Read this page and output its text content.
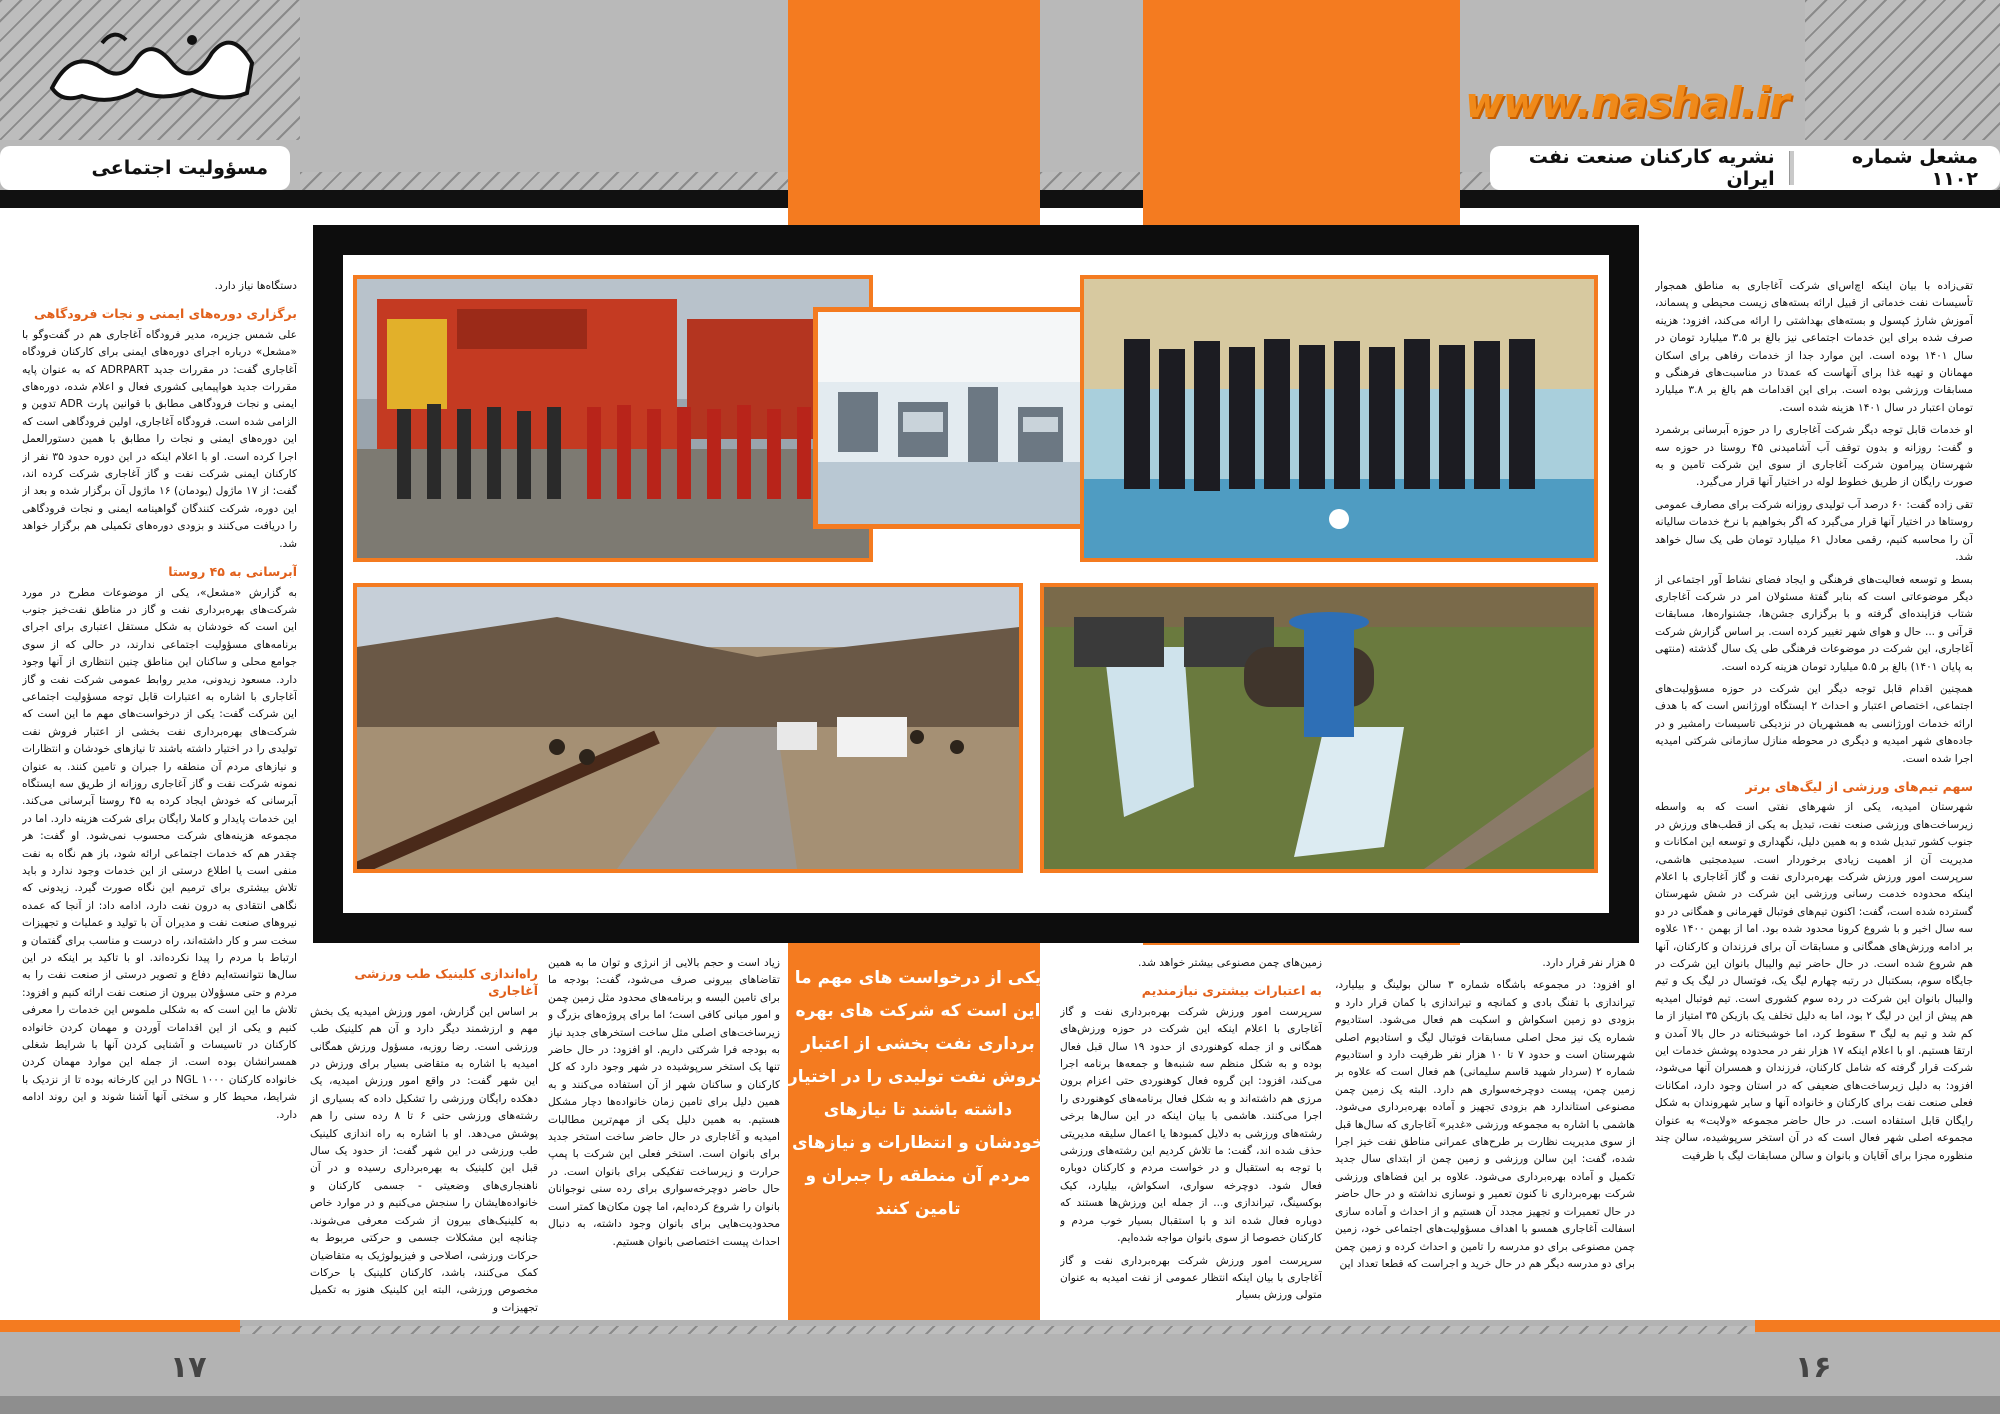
www.nashal.ir
مسؤولیت اجتماعی	مشعل شماره ۱۱۰۲
نشریه کارکنان صنعت نفت ایران

تقی‌زاده با بیان اینکه اچ‌اس‌ای شرکت آغاجاری به مناطق همجوار تأسیسات نفت خدماتی از قبیل ارائه بسته‌های زیست محیطی و پسماند، آموزش شارژ کپسول و بسته‌های بهداشتی را ارائه می‌کند، افزود: هزینه صرف شده برای این خدمات اجتماعی نیز بالغ بر ۳.۵ میلیارد تومان در سال ۱۴۰۱ بوده است. این موارد جدا از خدمات رفاهی برای اسکان مهمانان و تهیه غذا برای آنهاست که عمدتا در مناسبت‌های فرهنگی و مسابقات ورزشی بوده است. برای این اقدامات هم بالغ بر ۳.۸ میلیارد تومان اعتبار در سال ۱۴۰۱ هزینه شده است.

او خدمات قابل توجه دیگر شرکت آغاجاری را در حوزه آبرسانی برشمرد و گفت: روزانه و بدون توقف آب آشامیدنی ۴۵ روستا در حوزه سه شهرستان پیرامون شرکت آغاجاری از سوی این شرکت تامین و به صورت رایگان از طریق خطوط لوله در اختیار آنها قرار می‌گیرد.

تقی زاده گفت: ۶۰ درصد آب تولیدی روزانه شرکت برای مصارف عمومی روستاها در اختیار آنها قرار می‌گیرد که اگر بخواهیم با نرخ خدمات سالیانه آن را محاسبه کنیم، رقمی معادل ۶۱ میلیارد تومان طی یک سال خواهد شد.

بسط و توسعه فعالیت‌های فرهنگی و ایجاد فضای نشاط آور اجتماعی از دیگر موضوعاتی است که بنا‌بر گفتهٔ مسئولان امر در شرکت آغاجاری شتاب فزاینده‌ای گرفته و با برگزاری جشن‌ها، جشنواره‌ها، مسابقات قرآنی و ... حال و هوای شهر تغییر کرده است. بر اساس گزارش شرکت آغاجاری، این شرکت در موضوعات فرهنگی طی یک سال گذشته (منتهی به پایان ۱۴۰۱) بالغ بر ۵.۵ میلیارد تومان هزینه کرده است.

همچنین اقدام قابل توجه دیگر این شرکت در حوزه مسؤولیت‌های اجتماعی، اختصاص اعتبار و احداث ۲ ایستگاه اورژانس است که با هدف ارائه خدمات اورژانسی به همشهریان در نزدیکی تاسیسات رامشیر و در جاده‌های شهر امیدیه و دیگری در محوطه منازل سازمانی شرکتی امیدیه اجرا شده است.

سهم تیم‌های ورزشی از لیگ‌های برتر

شهرستان امیدیه، یکی از شهرهای نفتی است که به واسطه زیرساخت‌های ورزشی صنعت نفت، تبدیل به یکی از قطب‌های ورزش در جنوب کشور تبدیل شده و به همین دلیل، نگهداری و توسعه این امکانات و مدیریت آن از اهمیت زیادی برخوردار است. سیدمجتبی هاشمی، سرپرست امور ورزش شرکت بهره‌برداری نفت و گاز آغاجاری با اعلام اینکه محدوده خدمت رسانی ورزشی این شرکت در شش شهرستان گسترده شده است، گفت: اکنون تیم‌های فوتبال قهرمانی و همگانی در دو سه سال اخیر و با شروع کرونا محدود شده بود. اما از بهمن ۱۴۰۰ علاوه بر ادامه ورزش‌های همگانی و مسابقات آن برای فرزندان و کارکنان، آنها هم شروع شده است. در حال حاضر تیم والیبال بانوان این شرکت در جایگاه سوم، بسکتبال در رتبه چهارم لیگ یک، فوتسال در لیگ یک و تیم والیبال بانوان این شرکت در رده سوم کشوری است. تیم فوتبال امیدیه هم پیش از این در لیگ ۲ بود، اما به دلیل تخلف یک بازیکن ۳۵ امتیاز از ما کم شد و تیم به لیگ ۳ سقوط کرد، اما خوشبختانه در حال بالا آمدن و ارتقا هستیم. او با اعلام اینکه ۱۷ هزار نفر در محدوده پوشش خدمات این شرکت قرار گرفته که شامل کارکنان، فرزندان و همسران آنها می‌شود، افزود: به دلیل زیرساخت‌های ضعیفی که در استان وجود دارد، امکانات فعلی صنعت نفت برای کارکنان و خانواده آنها و سایر شهروندان به شکل رایگان قابل استفاده است. در حال حاضر مجموعه «ولایت» به عنوان مجموعه اصلی شهر فعال است که در آن استخر سرپوشیده، سالن چند منظوره مجزا برای آقایان و بانوان و سالن مسابقات لیگ با ظرفیت

۵ هزار نفر قرار دارد.

او افزود: در مجموعه باشگاه شماره ۳ سالن بولینگ و بیلیارد، تیراندازی با تفنگ بادی و کمانچه و تیراندازی با کمان قرار دارد و بزودی دو زمین اسکواش و اسکیت هم فعال می‌شود. استادیوم شماره یک نیز محل اصلی مسابقات فوتبال لیگ و استادیوم اصلی شهرستان است و حدود ۷ تا ۱۰ هزار نفر ظرفیت دارد و استادیوم شماره ۲ (سردار شهید قاسم سلیمانی) هم فعال است که علاوه بر زمین چمن، پیست دوچرخه‌سواری هم دارد. البته یک زمین چمن مصنوعی استاندارد هم بزودی تجهیز و آماده بهره‌برداری می‌شود. هاشمی با اشاره به مجموعه ورزشی «غدیر» آغاجاری که سال‌ها قبل از سوی مدیریت نظارت بر طرح‌های عمرانی مناطق نفت خیز اجرا شده، گفت: این سالن ورزشی و زمین چمن از ابتدای سال جدید تکمیل و آماده بهره‌برداری می‌شود. علاوه بر این فضاهای ورزشی شرکت بهره‌برداری نا کنون تعمیر و نوسازی نداشته و در حال حاضر در حال تعمیرات و تجهیز مجدد آن هستیم و از احداث و آماده سازی اسفالت آغاجاری همسو با اهداف مسؤولیت‌های اجتماعی خود، زمین چمن مصنوعی برای دو مدرسه را تامین و احداث کرده و زمین چمن برای دو مدرسه دیگر هم در حال خرید و اجراست که قطعا تعداد این

زمین‌های چمن مصنوعی بیشتر خواهد شد.

به اعتبارات بیشتری نیازمندیم

سرپرست امور ورزش شرکت بهره‌برداری نفت و گاز آغاجاری با اعلام اینکه این شرکت در حوزه ورزش‌های همگانی و از جمله کوهنوردی از حدود ۱۹ سال قبل فعال بوده و به شکل منظم سه شنبه‌ها و جمعه‌ها برنامه اجرا می‌کند، افزود: این گروه فعال کوهنوردی حتی اعزام برون مرزی هم داشته‌اند و به شکل فعال برنامه‌های کوهنوردی را اجرا می‌کنند. هاشمی با بیان اینکه در این سال‌ها برخی رشته‌های ورزشی به دلایل کمبودها یا اعمال سلیقه مدیریتی حذف شده اند، گفت: ما تلاش کردیم این رشته‌های ورزشی با توجه به استقبال و در خواست مردم و کارکنان دوباره فعال شود. دوچرخه سواری، اسکواش، بیلیارد، کیک بوکسینگ، تیراندازی و... از جمله این ورزش‌ها هستند که دوباره فعال شده اند و با استقبال بسیار خوب مردم و کارکنان خصوصا از سوی بانوان مواجه شده‌ایم.

سرپرست امور ورزش شرکت بهره‌برداری نفت و گاز آغاجاری با بیان اینکه انتظار عمومی از نفت امیدیه به عنوان متولی ورزش بسیار

یکی از درخواست های مهم ما این است که شرکت های بهره برداری نفت بخشی از اعتبار فروش نفت تولیدی را در اختیار داشته باشند تا نیازهای خودشان و انتظارات و نیازهای مردم آن منطقه را جبران و تامین کنند

زیاد است و حجم بالایی از انرژی و توان ما به همین تقاضاهای بیرونی صرف می‌شود، گفت: بودجه ما برای تامین البسه و برنامه‌های محدود مثل زمین چمن و امور میانی کافی است؛ اما برای پروژه‌های بزرگ و زیرساخت‌های اصلی مثل ساخت استخرهای جدید نیاز به بودجه فرا شرکتی داریم. او افزود: در حال حاضر تنها یک استخر سرپوشیده در شهر وجود دارد که کل کارکنان و ساکنان شهر از آن استفاده می‌کنند و به همین دلیل برای تامین زمان خانواده‌ها دچار مشکل هستیم. به همین دلیل یکی از مهم‌ترین مطالبات امیدیه و آغاجاری در حال حاضر ساخت استخر جدید برای بانوان است. استخر فعلی این شرکت با پمپ حرارت و زیرساخت تفکیکی برای بانوان است. در حال حاضر دوچرخه‌سواری برای رده سنی نوجوانان بانوان را شروع کرده‌ایم، اما چون مکان‌ها کمتر است محدودیت‌هایی برای بانوان وجود داشته، به دنبال احداث پیست اختصاصی بانوان هستیم.

راه‌اندازی کلینیک طب ورزشی آغاجاری

بر اساس این گزارش، امور ورزش امیدیه یک بخش مهم و ارزشمند دیگر دارد و آن هم کلینیک طب ورزشی است. رضا روزبه، مسؤول ورزش همگانی امیدیه با اشاره به متقاضی بسیار برای ورزش در این شهر گفت: در واقع امور ورزش امیدیه، یک دهکده رایگان ورزشی را تشکیل داده که بسیاری از رشته‌های ورزشی حتی ۶ تا ۸ رده سنی را هم پوشش می‌دهد. او با اشاره به راه اندازی کلینیک طب ورزشی در این شهر گفت: از حدود یک سال قبل این کلینیک به بهره‌برداری رسیده و در آن ناهنجاری‌های وضعیتی - جسمی کارکنان و خانواده‌هایشان را سنجش می‌کنیم و در موارد خاص به کلینیک‌های بیرون از شرکت معرفی می‌شوند. چنانچه این مشکلات جسمی و حرکتی مربوط به حرکات ورزشی، اصلاحی و فیزیولوژیک به متقاضیان کمک می‌کنند، باشد، کارکنان کلینیک با حرکات مخصوص ورزشی، البته این کلینیک هنوز به تکمیل تجهیزات و

دستگاه‌ها نیاز دارد.

برگزاری دوره‌های ایمنی و نجات فرودگاهی

علی شمس جزیره، مدیر فرودگاه آغاجاری هم در گفت‌وگو با «مشعل» درباره اجرای دوره‌های ایمنی برای کارکنان فرودگاه آغاجاری گفت: در مقررات جدید ADRPART که به عنوان پایه مقررات جدید هواپیمایی کشوری فعال و اعلام شده، دوره‌های ایمنی و نجات فرودگاهی مطابق با قوانین پارت ADR تدوین و الزامی شده است. فرودگاه آغاجاری، اولین فرودگاهی است که این دوره‌های ایمنی و نجات را مطابق با همین دستورالعمل اجرا کرده است. او با اعلام اینکه در این دوره حدود ۳۵ نفر از کارکنان ایمنی شرکت نفت و گاز آغاجاری شرکت کرده اند، گفت: از ۱۷ ماژول (یودمان) ۱۶ ماژول آن برگزار شده و بعد از این دوره، شرکت کنندگان گواهینامه ایمنی و نجات فرودگاهی را دریافت می‌کنند و بزودی دوره‌های تکمیلی هم برگزار خواهد شد.

آبرسانی به ۴۵ روستا

به گزارش «مشعل»، یکی از موضوعات مطرح در مورد شرکت‌های بهره‌برداری نفت و گاز در مناطق نفت‌خیز جنوب این است که خودشان به شکل مستقل اعتباری برای اجرای برنامه‌های مسؤولیت اجتماعی ندارند، در حالی که از سوی جوامع محلی و ساکنان این مناطق چنین انتظاری از آنها وجود دارد. مسعود زیدونی، مدیر روابط عمومی شرکت نفت و گاز آغاجاری با اشاره به اعتبارات قابل توجه مسؤولیت اجتماعی این شرکت گفت: یکی از درخواست‌های مهم ما این است که شرکت‌های بهره‌برداری نفت بخشی از اعتبار فروش نفت تولیدی را در اختیار داشته باشند تا نیازهای خودشان و انتظارات و نیازهای مردم آن منطقه را جبران و تامین کنند. به عنوان نمونه شرکت نفت و گاز آغاجاری روزانه از طریق سه ایستگاه آبرسانی که خودش ایجاد کرده به ۴۵ روستا آبرسانی می‌کند. این خدمات پایدار و کاملا رایگان برای شرکت هزینه دارد. اما در مجموعه هزینه‌های شرکت محسوب نمی‌شود. او گفت: هر چقدر هم که خدمات اجتماعی ارائه شود، باز هم نگاه به نفت منفی است یا اطلاع درستی از این خدمات وجود ندارد و باید تلاش بیشتری برای ترمیم این نگاه صورت گیرد. زیدونی که نگاهی انتقادی به درون نفت دارد، ادامه داد: از آنجا که عمده نیروهای صنعت نفت و مدیران آن با تولید و عملیات و تجهیزات سخت سر و کار داشته‌اند، راه درست و مناسب برای گفتمان و ارتباط با مردم را پیدا نکرده‌اند. او با تاکید بر اینکه در این سال‌ها نتوانسته‌ایم دفاع و تصویر درستی از صنعت نفت را به مردم و حتی مسؤولان بیرون از صنعت نفت ارائه کنیم و افزود: تلاش ما این است که به شکلی ملموس این خدمات را معرفی کنیم و یکی از این اقدامات آوردن و مهمان کردن خانواده کارکنان در تاسیسات و آشنایی کردن آنها با شرایط شغلی همسرانشان بوده است. از جمله این موارد مهمان کردن خانواده کارکنان NGL ۱۰۰۰ در این کارخانه بوده تا از نزدیک با شرایط، محیط کار و سختی آنها آشنا شوند و این روند ادامه دارد.

۱۷	۱۶
